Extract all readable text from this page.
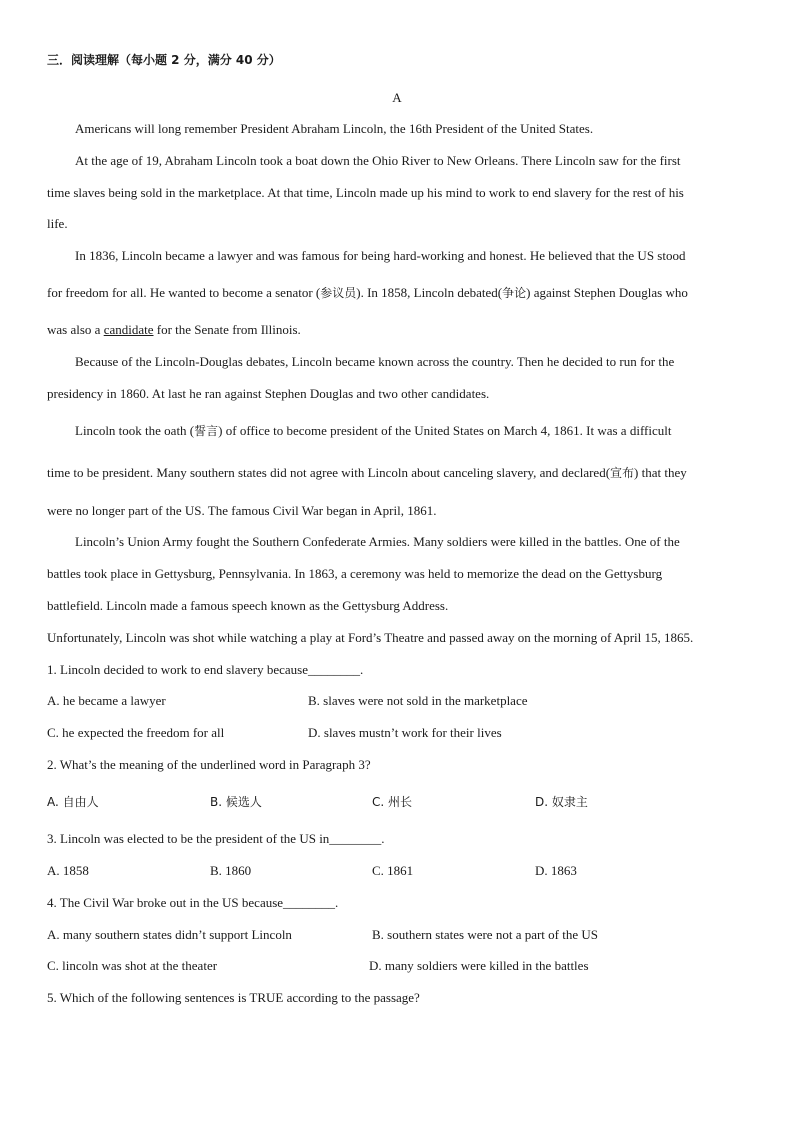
三．阅读理解（每小题 2 分，满分 40 分）
A
Americans will long remember President Abraham Lincoln, the 16th President of the United States.
At the age of 19, Abraham Lincoln took a boat down the Ohio River to New Orleans. There Lincoln saw for the first
time slaves being sold in the marketplace. At that time, Lincoln made up his mind to work to end slavery for the rest of his
life.
In 1836, Lincoln became a lawyer and was famous for being hard-working and honest. He believed that the US stood
for freedom for all. He wanted to become a senator (参议员). In 1858, Lincoln debated(争论) against Stephen Douglas who
was also a candidate for the Senate from Illinois.
Because of the Lincoln-Douglas debates, Lincoln became known across the country. Then he decided to run for the
presidency in 1860. At last he ran against Stephen Douglas and two other candidates.
Lincoln took the oath (誓言) of office to become president of the United States on March 4, 1861. It was a difficult
time to be president. Many southern states did not agree with Lincoln about canceling slavery, and declared(宣布) that they
were no longer part of the US. The famous Civil War began in April, 1861.
Lincoln’s Union Army fought the Southern Confederate Armies. Many soldiers were killed in the battles. One of the
battles took place in Gettysburg, Pennsylvania. In 1863, a ceremony was held to memorize the dead on the Gettysburg
battlefield. Lincoln made a famous speech known as the Gettysburg Address.
Unfortunately, Lincoln was shot while watching a play at Ford’s Theatre and passed away on the morning of April 15, 1865.
1. Lincoln decided to work to end slavery because________.
A. he became a lawyer	B. slaves were not sold in the marketplace
C. he expected the freedom for all	D. slaves mustn’t work for their lives
2. What’s the meaning of the underlined word in Paragraph 3?
A. 自由人	B. 候选人	C. 州长	D. 奴隶主
3. Lincoln was elected to be the president of the US in________.
A. 1858	B. 1860	C. 1861	D. 1863
4. The Civil War broke out in the US because________.
A. many southern states didn’t support Lincoln	B. southern states were not a part of the US
C. lincoln was shot at the theater	D. many soldiers were killed in the battles
5. Which of the following sentences is TRUE according to the passage?
